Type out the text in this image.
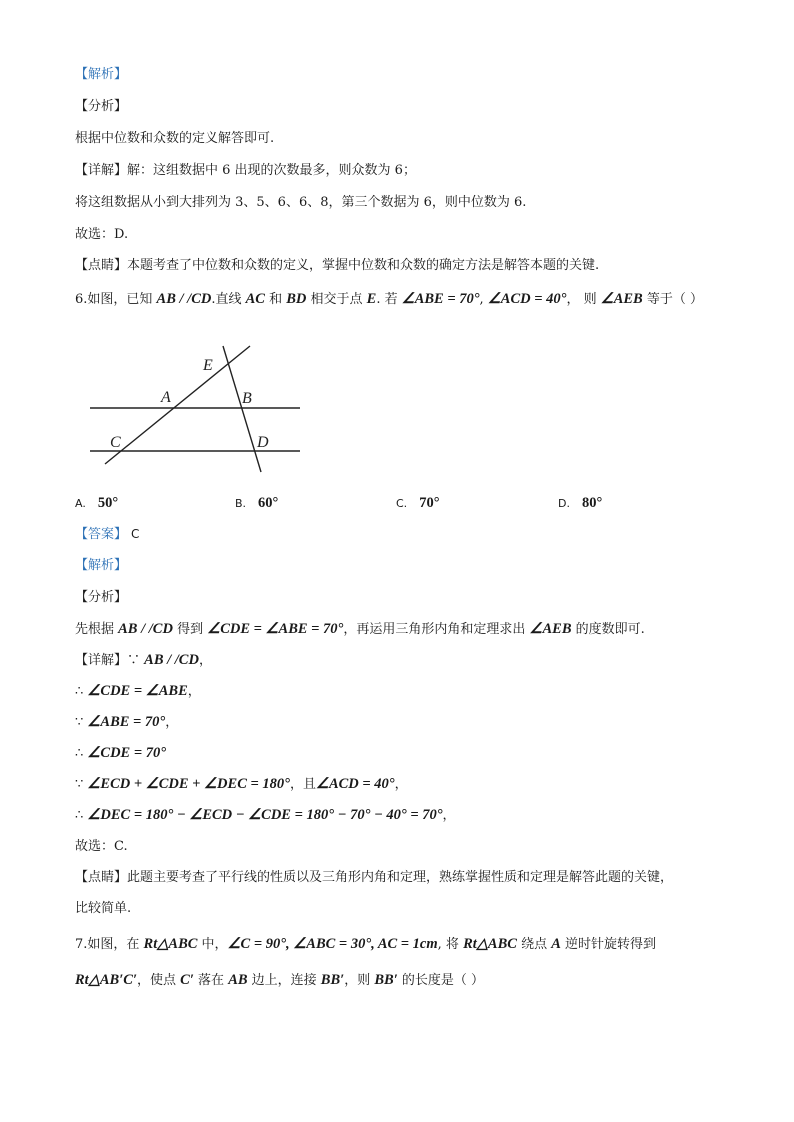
【解析】
【分析】
根据中位数和众数的定义解答即可.
【详解】解：这组数据中 6 出现的次数最多，则众数为 6；
将这组数据从小到大排列为 3、5、6、6、8，第三个数据为 6，则中位数为 6.
故选：D.
【点睛】本题考查了中位数和众数的定义，掌握中位数和众数的确定方法是解答本题的关键.
6.如图，已知 AB / /CD.直线 AC 和 BD 相交于点 E. 若 ∠ABE = 70°, ∠ACD = 40°， 则 ∠AEB 等于（ ）
E
A	B
C	D
A. 50°	B. 60°	C. 70°	D. 80°
【答案】 C
【解析】
【分析】
先根据 AB / /CD 得到 ∠CDE = ∠ABE = 70°，再运用三角形内角和定理求出 ∠AEB 的度数即可.
【详解】∵ AB / /CD，
∴ ∠CDE = ∠ABE，
∵ ∠ABE = 70°，
∴ ∠CDE = 70°
∵ ∠ECD + ∠CDE + ∠DEC = 180°，且∠ACD = 40°，
∴ ∠DEC = 180° − ∠ECD − ∠CDE = 180° − 70° − 40° = 70°，
故选：C.
【点睛】此题主要考查了平行线的性质以及三角形内角和定理，熟练掌握性质和定理是解答此题的关键，
比较简单.
7.如图，在 Rt△ABC 中，∠C = 90°, ∠ABC = 30°, AC = 1cm, 将 Rt△ABC 绕点 A 逆时针旋转得到
Rt△AB′C′，使点 C′ 落在 AB 边上，连接 BB′，则 BB′ 的长度是（ ）
